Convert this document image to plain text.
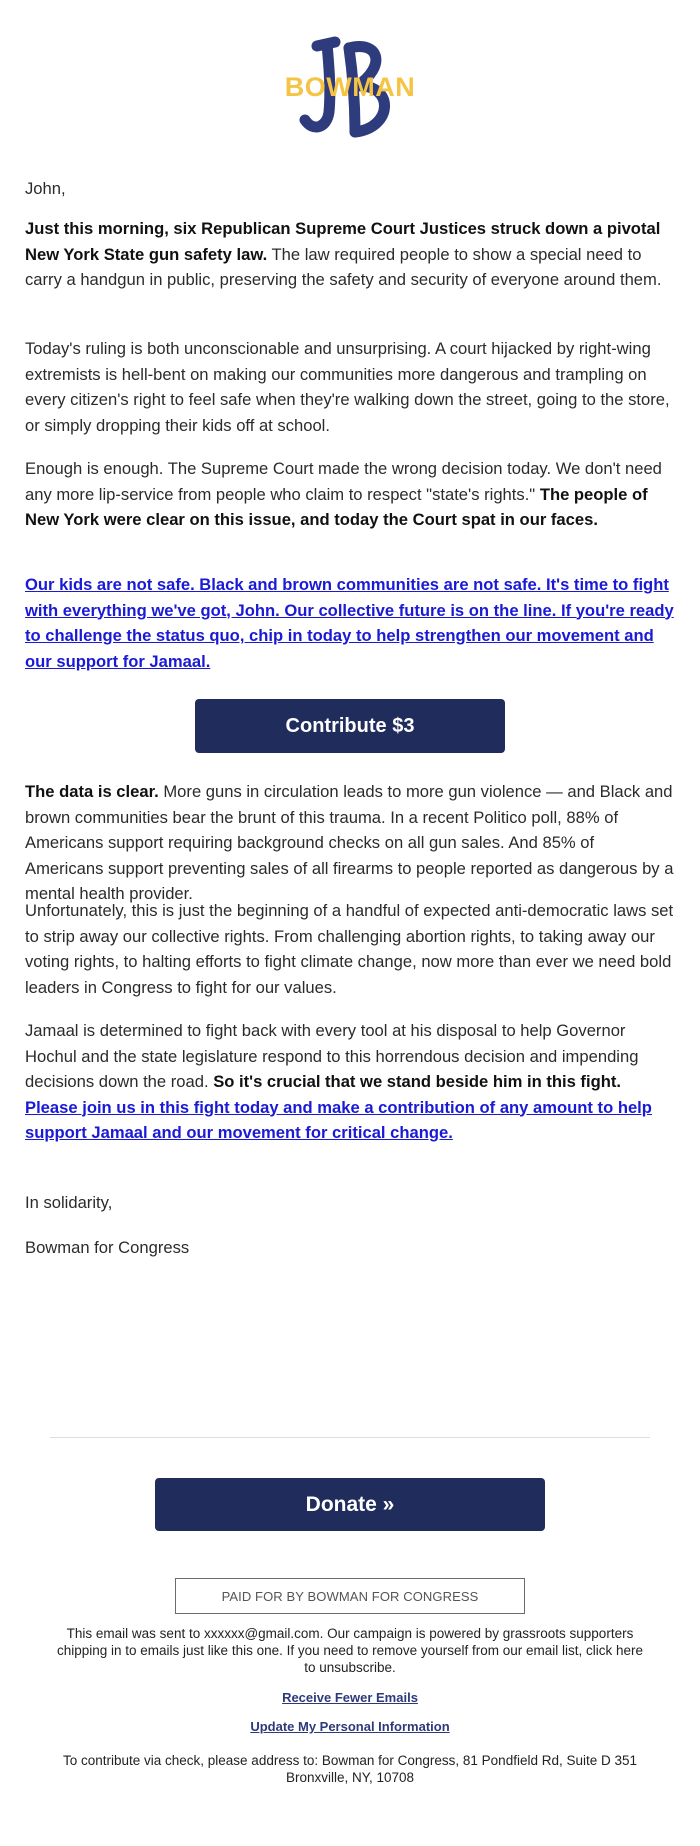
BOWMAN

John,

Just this morning, six Republican Supreme Court Justices struck down a pivotal New York State gun safety law. The law required people to show a special need to carry a handgun in public, preserving the safety and security of everyone around them.

Today's ruling is both unconscionable and unsurprising. A court hijacked by right-wing extremists is hell-bent on making our communities more dangerous and trampling on every citizen's right to feel safe when they're walking down the street, going to the store, or simply dropping their kids off at school.

Enough is enough. The Supreme Court made the wrong decision today. We don't need any more lip-service from people who claim to respect "state's rights." The people of New York were clear on this issue, and today the Court spat in our faces.

Our kids are not safe. Black and brown communities are not safe. It's time to fight with everything we've got, John. Our collective future is on the line. If you're ready to challenge the status quo, chip in today to help strengthen our movement and our support for Jamaal.

The data is clear. More guns in circulation leads to more gun violence — and Black and brown communities bear the brunt of this trauma. In a recent Politico poll, 88% of Americans support requiring background checks on all gun sales. And 85% of Americans support preventing sales of all firearms to people reported as dangerous by a mental health provider.

Unfortunately, this is just the beginning of a handful of expected anti-democratic laws set to strip away our collective rights. From challenging abortion rights, to taking away our voting rights, to halting efforts to fight climate change, now more than ever we need bold leaders in Congress to fight for our values.

Jamaal is determined to fight back with every tool at his disposal to help Governor Hochul and the state legislature respond to this horrendous decision and impending decisions down the road. So it's crucial that we stand beside him in this fight. Please join us in this fight today and make a contribution of any amount to help support Jamaal and our movement for critical change.

In solidarity,

Bowman for Congress

Contribute $3
Donate »
PAID FOR BY BOWMAN FOR CONGRESS
This email was sent to xxxxxx@gmail.com. Our campaign is powered by grassroots supporters chipping in to emails just like this one. If you need to remove yourself from our email list, click here to unsubscribe.
Receive Fewer Emails
Update My Personal Information
To contribute via check, please address to: Bowman for Congress, 81 Pondfield Rd, Suite D 351 Bronxville, NY, 10708
